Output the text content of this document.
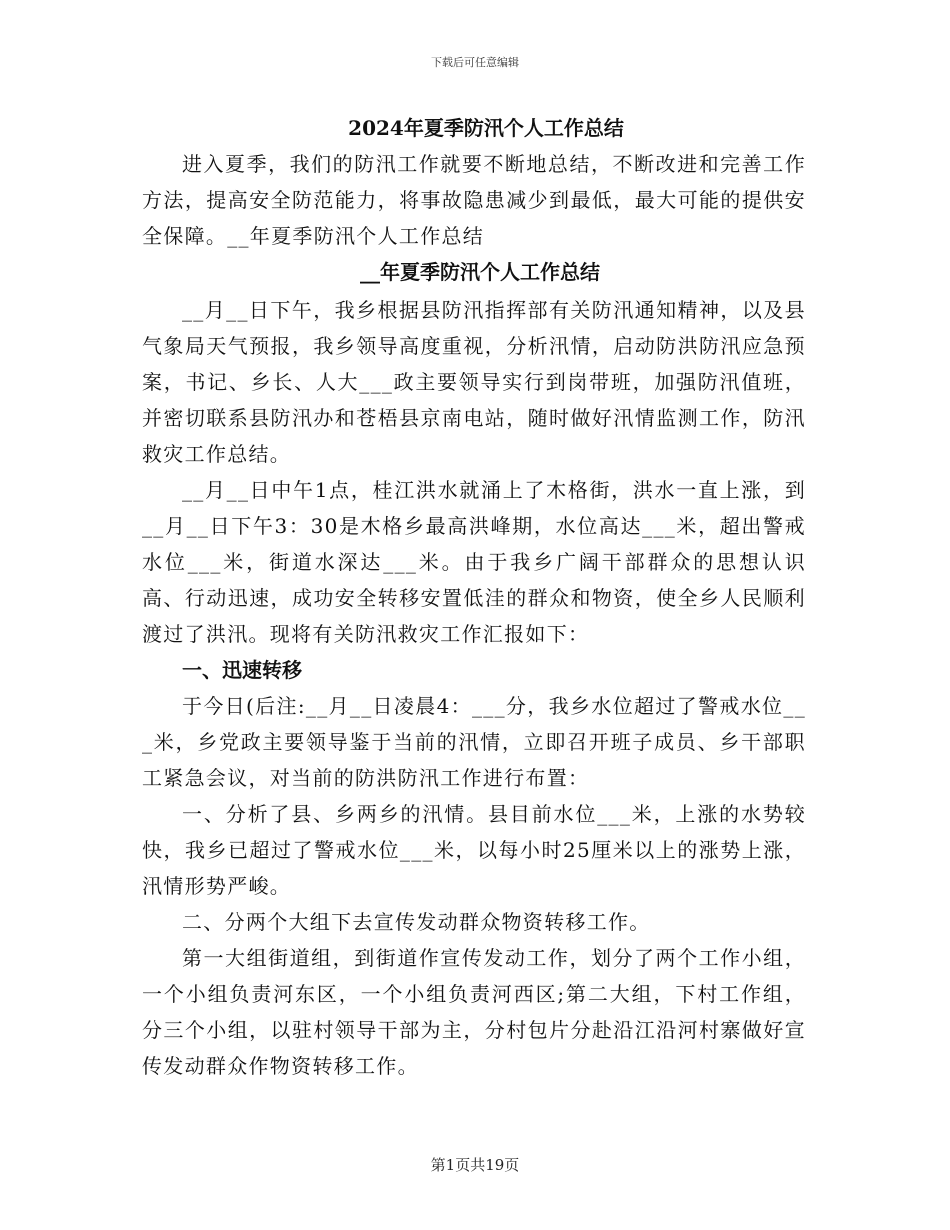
下载后可任意编辑
2024年夏季防汛个人工作总结

进入夏季，我们的防汛工作就要不断地总结，不断改进和完善工作方法，提高安全防范能力，将事故隐患减少到最低，最大可能的提供安全保障。__年夏季防汛个人工作总结

__年夏季防汛个人工作总结

__月__日下午，我乡根据县防汛指挥部有关防汛通知精神，以及县气象局天气预报，我乡领导高度重视，分析汛情，启动防洪防汛应急预案，书记、乡长、人大___政主要领导实行到岗带班，加强防汛值班，并密切联系县防汛办和苍梧县京南电站，随时做好汛情监测工作，防汛救灾工作总结。

__月__日中午1点，桂江洪水就涌上了木格街，洪水一直上涨，到__月__日下午3：30是木格乡最高洪峰期，水位高达___米，超出警戒水位___米，街道水深达___米。由于我乡广阔干部群众的思想认识高、行动迅速，成功安全转移安置低洼的群众和物资，使全乡人民顺利渡过了洪汛。现将有关防汛救灾工作汇报如下：

一、迅速转移

于今日(后注:__月__日凌晨4：___分，我乡水位超过了警戒水位___米，乡党政主要领导鉴于当前的汛情，立即召开班子成员、乡干部职工紧急会议，对当前的防洪防汛工作进行布置：

一、分析了县、乡两乡的汛情。县目前水位___米，上涨的水势较快，我乡已超过了警戒水位___米，以每小时25厘米以上的涨势上涨，汛情形势严峻。

二、分两个大组下去宣传发动群众物资转移工作。

第一大组街道组，到街道作宣传发动工作，划分了两个工作小组，一个小组负责河东区，一个小组负责河西区;第二大组，下村工作组，分三个小组，以驻村领导干部为主，分村包片分赴沿江沿河村寨做好宣传发动群众作物资转移工作。

第1页共19页
